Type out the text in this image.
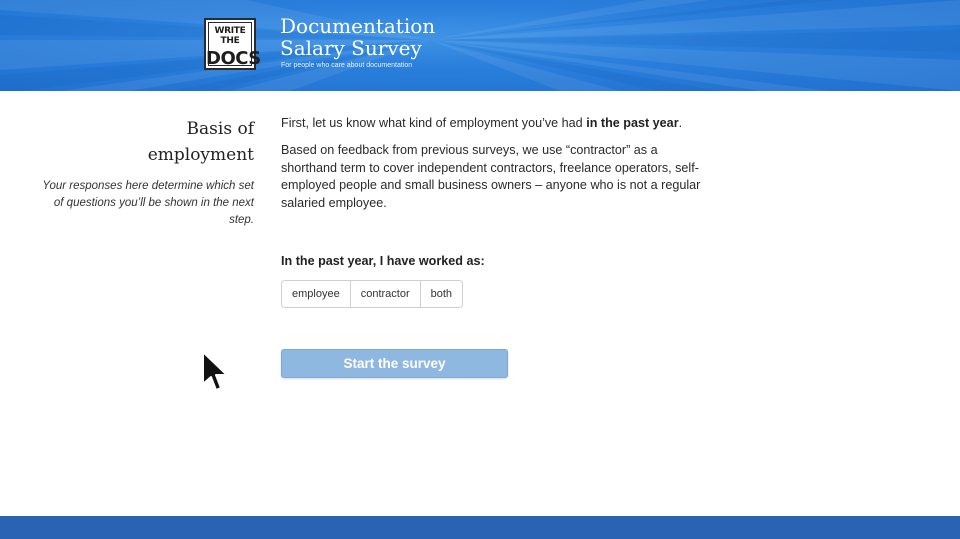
WRITE THE
DOCS
Documentation
Salary Survey
For people who care about documentation
Basis of
employment
Your responses here determine which set of questions you’ll be shown in the next step.

First, let us know what kind of employment you’ve had in the past year.

Based on feedback from previous surveys, we use “contractor” as a shorthand term to cover independent contractors, freelance operators, self-employed people and small business owners – anyone who is not a regular salaried employee.

In the past year, I have worked as:
employee	contractor	both
Start the survey
